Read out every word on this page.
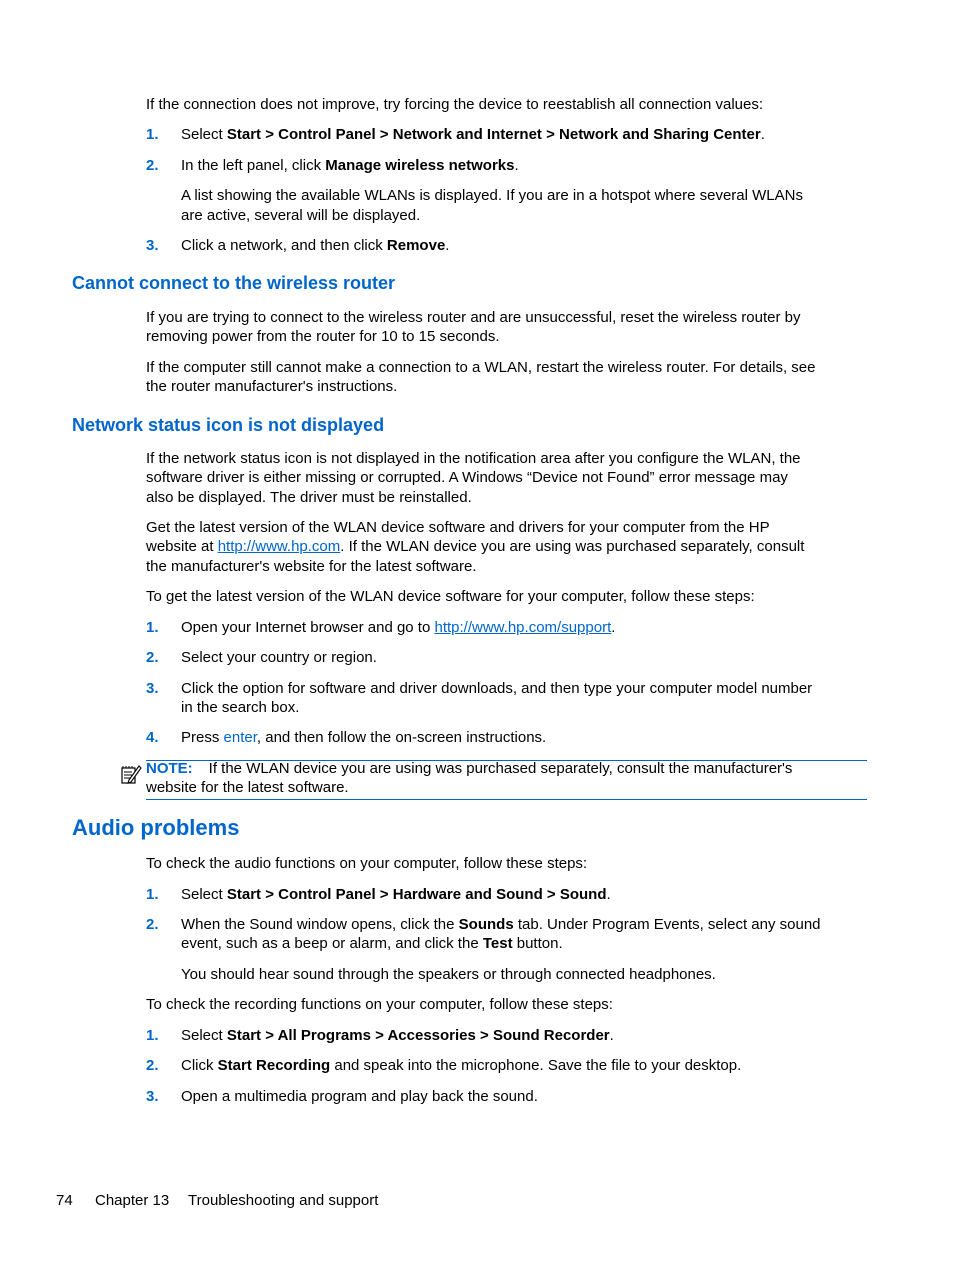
If the connection does not improve, try forcing the device to reestablish all connection values:
1. Select Start > Control Panel > Network and Internet > Network and Sharing Center.
2. In the left panel, click Manage wireless networks.
A list showing the available WLANs is displayed. If you are in a hotspot where several WLANs
are active, several will be displayed.
3. Click a network, and then click Remove.
Cannot connect to the wireless router
If you are trying to connect to the wireless router and are unsuccessful, reset the wireless router by
removing power from the router for 10 to 15 seconds.
If the computer still cannot make a connection to a WLAN, restart the wireless router. For details, see
the router manufacturer's instructions.
Network status icon is not displayed
If the network status icon is not displayed in the notification area after you configure the WLAN, the
software driver is either missing or corrupted. A Windows “Device not Found” error message may
also be displayed. The driver must be reinstalled.
Get the latest version of the WLAN device software and drivers for your computer from the HP
website at http://www.hp.com. If the WLAN device you are using was purchased separately, consult
the manufacturer's website for the latest software.
To get the latest version of the WLAN device software for your computer, follow these steps:
1. Open your Internet browser and go to http://www.hp.com/support.
2. Select your country or region.
3. Click the option for software and driver downloads, and then type your computer model number
in the search box.
4. Press enter, and then follow the on-screen instructions.
NOTE: If the WLAN device you are using was purchased separately, consult the manufacturer's
website for the latest software.
Audio problems
To check the audio functions on your computer, follow these steps:
1. Select Start > Control Panel > Hardware and Sound > Sound.
2. When the Sound window opens, click the Sounds tab. Under Program Events, select any sound
event, such as a beep or alarm, and click the Test button.
You should hear sound through the speakers or through connected headphones.
To check the recording functions on your computer, follow these steps:
1. Select Start > All Programs > Accessories > Sound Recorder.
2. Click Start Recording and speak into the microphone. Save the file to your desktop.
3. Open a multimedia program and play back the sound.
74 Chapter 13 Troubleshooting and support
